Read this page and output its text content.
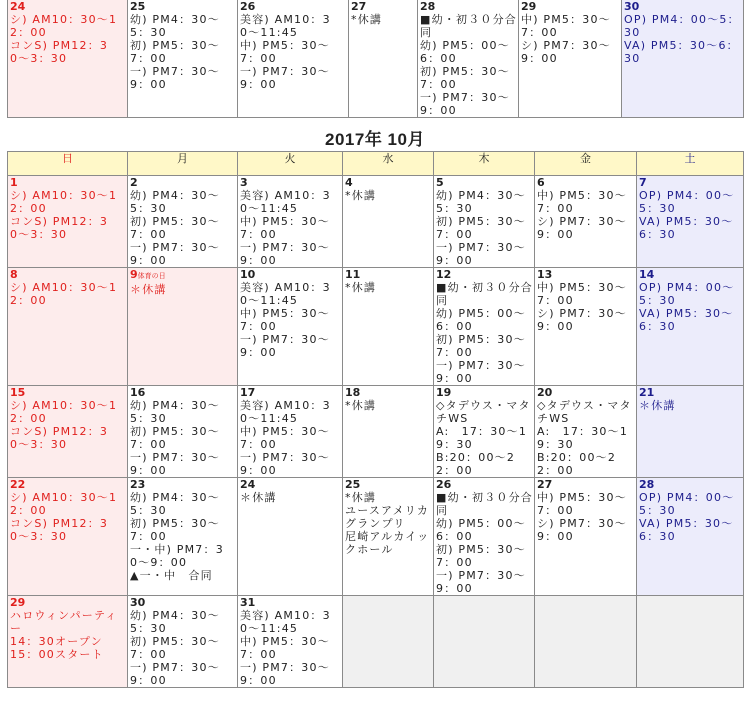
24
シ) AM10：30〜12：00
コンS) PM12：30〜3：30

25
幼) PM4：30〜5：30
初) PM5：30〜7：00
一) PM7：30〜9：00

26
美容) AM10：30〜11:45
中) PM5：30〜7：00
一) PM7：30〜9：00

27
*休講

28
■幼・初３０分合同
幼) PM5：00〜6：00
初) PM5：30〜7：00
一) PM7：30〜9：00

29
中) PM5：30〜7：00
シ) PM7：30〜9：00

30
OP) PM4：00〜5：30
VA) PM5：30〜6：30
2017年 10月
日	月	火	水	木	金	土

1
シ) AM10：30〜12：00
コンS) PM12：30〜3：30	2
幼) PM4：30〜5：30
初) PM5：30〜7：00
一) PM7：30〜9：00	3
美容) AM10：30〜11:45
中) PM5：30〜7：00
一) PM7：30〜9：00	4
*休講	5
幼) PM4：30〜5：30
初) PM5：30〜7：00
一) PM7：30〜9：00	6
中) PM5：30〜7：00
シ) PM7：30〜9：00	7
OP) PM4：00〜5：30
VA) PM5：30〜6：30

8
シ) AM10：30〜12：00	9体育の日
＊休講	10
美容) AM10：30〜11:45
中) PM5：30〜7：00
一) PM7：30〜9：00	11
*休講	12
■幼・初３０分合同
幼) PM5：00〜6：00
初) PM5：30〜7：00
一) PM7：30〜9：00	13
中) PM5：30〜7：00
シ) PM7：30〜9：00	14
OP) PM4：00〜5：30
VA) PM5：30〜6：30

15
シ) AM10：30〜12：00
コンS) PM12：30〜3：30	16
幼) PM4：30〜5：30
初) PM5：30〜7：00
一) PM7：30〜9：00	17
美容) AM10：30〜11:45
中) PM5：30〜7：00
一) PM7：30〜9：00	18
*休講	19
◇タデウス・マタチWS
A:　17：30〜19：30
B:20：00〜22：00	20
◇タデウス・マタチWS
A:　17：30〜19：30
B:20：00〜22：00	21
＊休講

22
シ) AM10：30〜12：00
コンS) PM12：30〜3：30	23
幼) PM4：30〜5：30
初) PM5：30〜7：00
一・中) PM7：30〜9：00
▲一・中　合同	24
＊休講	25
*休講
ユースアメリカグランプリ
尼崎アルカイックホール	26
■幼・初３０分合同
幼) PM5：00〜6：00
初) PM5：30〜7：00
一) PM7：30〜9：00	27
中) PM5：30〜7：00
シ) PM7：30〜9：00	28
OP) PM4：00〜5：30
VA) PM5：30〜6：30

29
ハロウィンパーティー
14：30オープン
15：00スタート	30
幼) PM4：30〜5：30
初) PM5：30〜7：00
一) PM7：30〜9：00	31
美容) AM10：30〜11:45
中) PM5：30〜7：00
一) PM7：30〜9：00				
